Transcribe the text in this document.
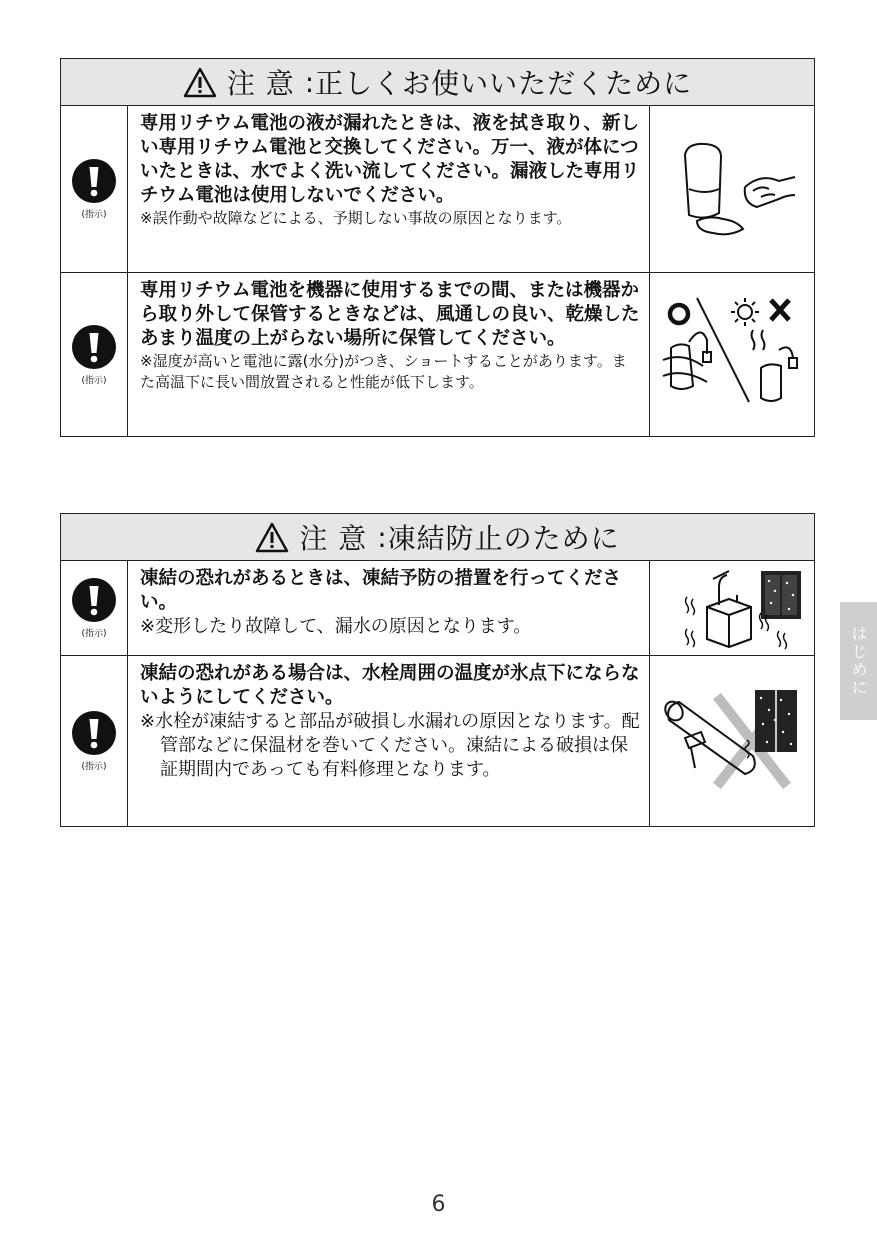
注 意 : 正しくお使いいただくために
(指示)
専用リチウム電池の液が漏れたときは、液を拭き取り、新しい専用リチウム電池と交換してください。万一、液が体についたときは、水でよく洗い流してください。漏液した専用リチウム電池は使用しないでください。
※誤作動や故障などによる、予期しない事故の原因となります。
(指示)
専用リチウム電池を機器に使用するまでの間、または機器から取り外して保管するときなどは、風通しの良い、乾燥したあまり温度の上がらない場所に保管してください。
※湿度が高いと電池に露(水分)がつき、ショートすることがあります。また高温下に長い間放置されると性能が低下します。
注 意 : 凍結防止のために
(指示)
凍結の恐れがあるときは、凍結予防の措置を行ってください。
※変形したり故障して、漏水の原因となります。
(指示)
凍結の恐れがある場合は、水栓周囲の温度が氷点下にならないようにしてください。
※水栓が凍結すると部品が破損し水漏れの原因となります。配管部などに保温材を巻いてください。凍結による破損は保証期間内であっても有料修理となります。
6
はじめに
